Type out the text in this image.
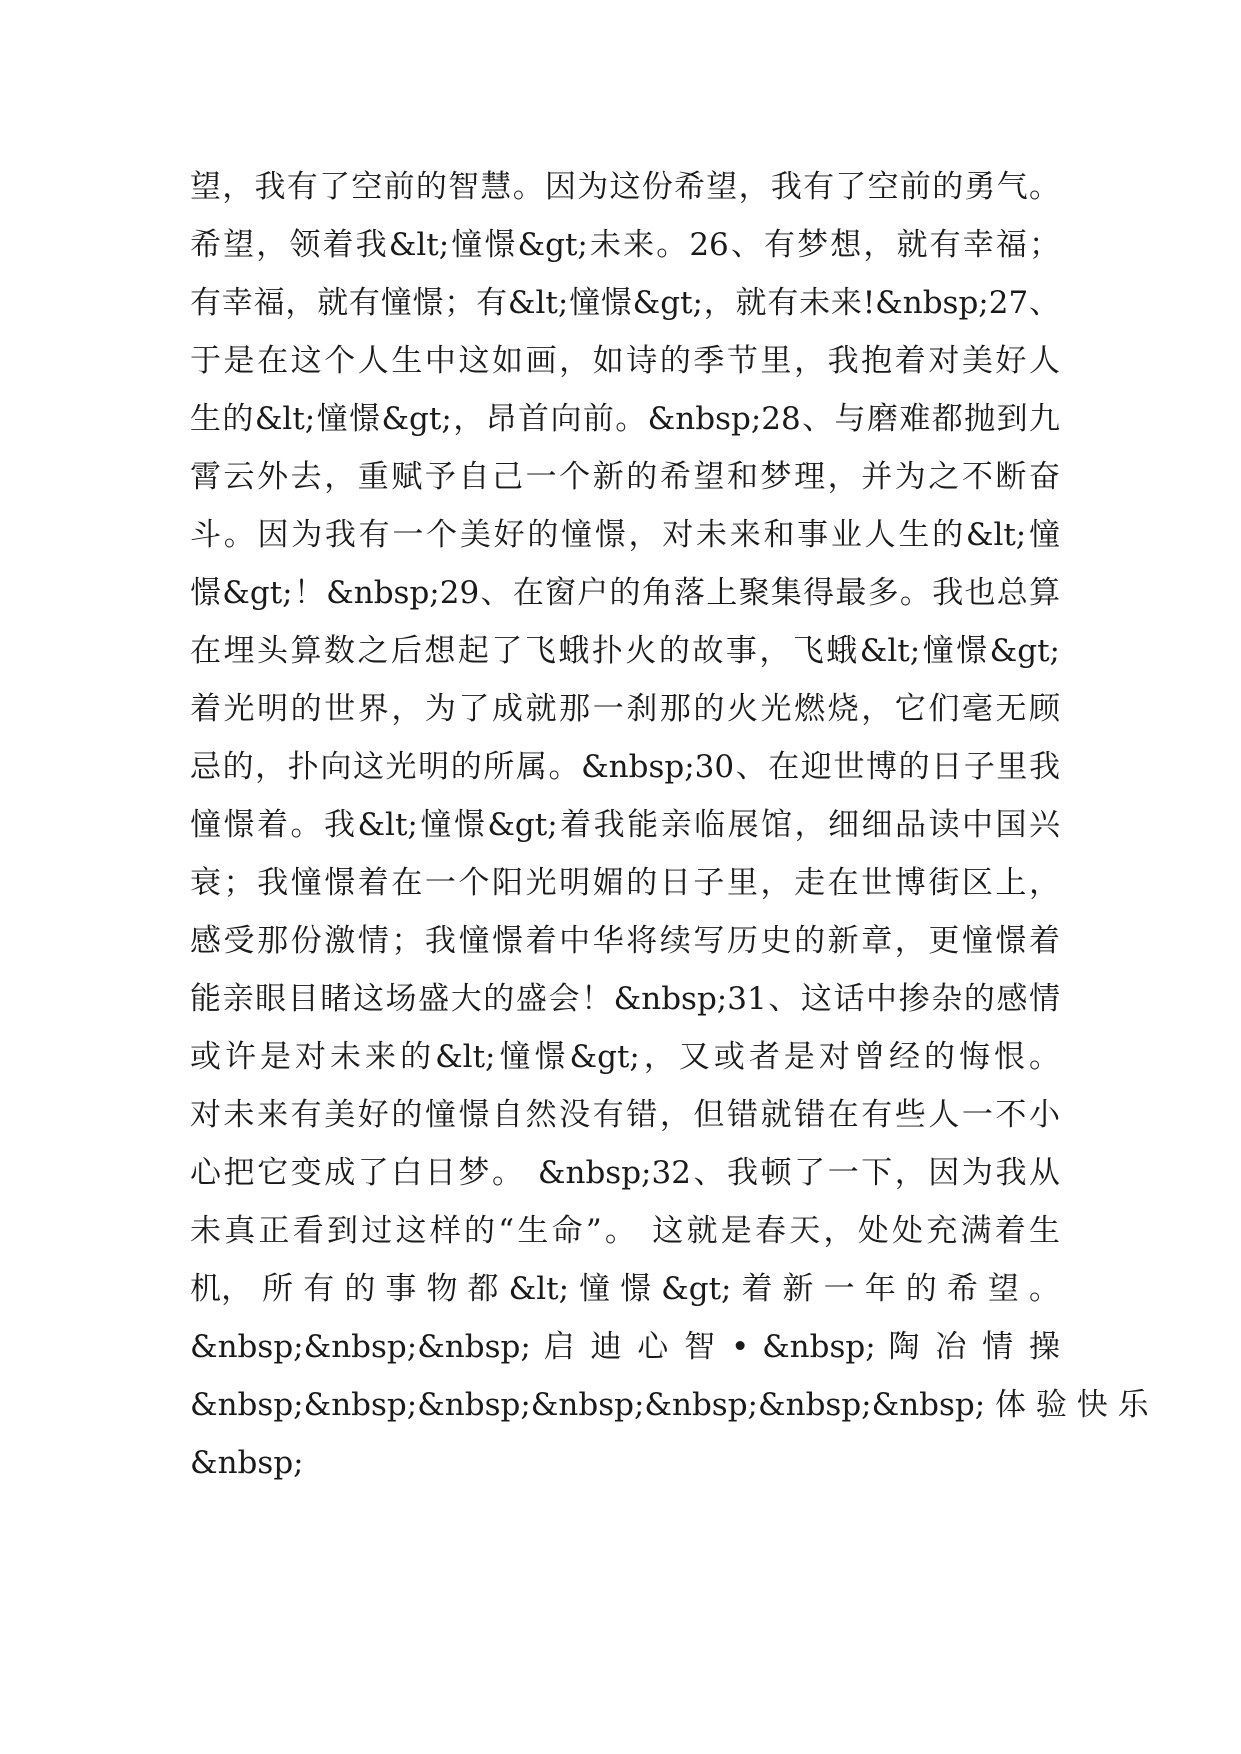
望，我有了空前的智慧。因为这份希望，我有了空前的勇气。
希望，领着我&lt;憧憬&gt;未来。26、有梦想，就有幸福；
有幸福，就有憧憬；有&lt;憧憬&gt;，就有未来!&nbsp;27、
于是在这个人生中这如画，如诗的季节里，我抱着对美好人
生的&lt;憧憬&gt;，昂首向前。&nbsp;28、与磨难都抛到九
霄云外去，重赋予自己一个新的希望和梦理，并为之不断奋
斗。因为我有一个美好的憧憬，对未来和事业人生的&lt;憧
憬&gt;！&nbsp;29、在窗户的角落上聚集得最多。我也总算
在埋头算数之后想起了飞蛾扑火的故事，飞蛾&lt;憧憬&gt;
着光明的世界，为了成就那一刹那的火光燃烧，它们毫无顾
忌的，扑向这光明的所属。&nbsp;30、在迎世博的日子里我
憧憬着。我&lt;憧憬&gt;着我能亲临展馆，细细品读中国兴
衰；我憧憬着在一个阳光明媚的日子里，走在世博街区上，
感受那份激情；我憧憬着中华将续写历史的新章，更憧憬着
能亲眼目睹这场盛大的盛会！&nbsp;31、这话中掺杂的感情
或许是对未来的&lt;憧憬&gt;，又或者是对曾经的悔恨。
对未来有美好的憧憬自然没有错，但错就错在有些人一不小
心把它变成了白日梦。 &nbsp;32、我顿了一下，因为我从
未真正看到过这样的“生命”。 这就是春天，处处充满着生
机， 所 有 的 事 物 都 &lt; 憧 憬 &gt; 着 新 一 年 的 希 望 。
&nbsp;&nbsp;&nbsp; 启 迪 心 智 • &nbsp; 陶 冶 情 操
&nbsp;&nbsp;&nbsp;&nbsp;&nbsp;&nbsp;&nbsp; 体 验 快 乐
&nbsp;
